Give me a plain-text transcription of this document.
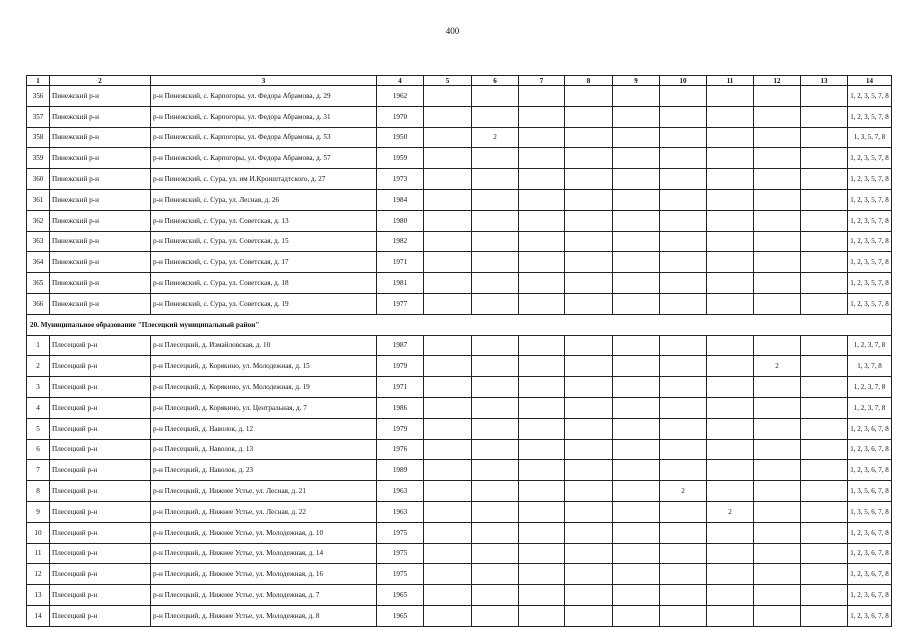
400
1	2	3	4	5	6	7	8	9	10	11	12	13	14
356	Пинежский р-н	р-н Пинежский, с. Карпогоры, ул. Федора Абрамова, д. 29	1962										1, 2, 3, 5, 7, 8
357	Пинежский р-н	р-н Пинежский, с. Карпогоры, ул. Федора Абрамова, д. 31	1970										1, 2, 3, 5, 7, 8
358	Пинежский р-н	р-н Пинежский, с. Карпогоры, ул. Федора Абрамова, д. 53	1950		2								1, 3, 5, 7, 8
359	Пинежский р-н	р-н Пинежский, с. Карпогоры, ул. Федора Абрамова, д. 57	1959										1, 2, 3, 5, 7, 8
360	Пинежский р-н	р-н Пинежский, с. Сура, ул. им И.Кронштадтского, д. 27	1973										1, 2, 3, 5, 7, 8
361	Пинежский р-н	р-н Пинежский, с. Сура, ул. Лесная, д. 26	1984										1, 2, 3, 5, 7, 8
362	Пинежский р-н	р-н Пинежский, с. Сура, ул. Советская, д. 13	1980										1, 2, 3, 5, 7, 8
363	Пинежский р-н	р-н Пинежский, с. Сура, ул. Советская, д. 15	1982										1, 2, 3, 5, 7, 8
364	Пинежский р-н	р-н Пинежский, с. Сура, ул. Советская, д. 17	1971										1, 2, 3, 5, 7, 8
365	Пинежский р-н	р-н Пинежский, с. Сура, ул. Советская, д. 18	1981										1, 2, 3, 5, 7, 8
366	Пинежский р-н	р-н Пинежский, с. Сура, ул. Советская, д. 19	1977										1, 2, 3, 5, 7, 8
20. Муниципальное образование "Плесецкий муниципальный район"													
1	Плесецкий р-н	р-н Плесецкий, д. Измайловская, д. 10	1987										1, 2, 3, 7, 8
2	Плесецкий р-н	р-н Плесецкий, д. Корякино, ул. Молодежная, д. 15	1979								2		1, 3, 7, 8
3	Плесецкий р-н	р-н Плесецкий, д. Корякино, ул. Молодежная, д. 19	1971										1, 2, 3, 7, 8
4	Плесецкий р-н	р-н Плесецкий, д. Корякино, ул. Центральная, д. 7	1986										1, 2, 3, 7, 8
5	Плесецкий р-н	р-н Плесецкий, д. Наволок, д. 12	1979										1, 2, 3, 6, 7, 8
6	Плесецкий р-н	р-н Плесецкий, д. Наволок, д. 13	1976										1, 2, 3, 6, 7, 8
7	Плесецкий р-н	р-н Плесецкий, д. Наволок, д. 23	1989										1, 2, 3, 6, 7, 8
8	Плесецкий р-н	р-н Плесецкий, д. Нижнее Устье, ул. Лесная, д. 21	1963						2				1, 3, 5, 6, 7, 8
9	Плесецкий р-н	р-н Плесецкий, д. Нижнее Устье, ул. Лесная, д. 22	1963							2			1, 3, 5, 6, 7, 8
10	Плесецкий р-н	р-н Плесецкий, д. Нижнее Устье, ул. Молодежная, д. 10	1975										1, 2, 3, 6, 7, 8
11	Плесецкий р-н	р-н Плесецкий, д. Нижнее Устье, ул. Молодежная, д. 14	1975										1, 2, 3, 6, 7, 8
12	Плесецкий р-н	р-н Плесецкий, д. Нижнее Устье, ул. Молодежная, д. 16	1975										1, 2, 3, 6, 7, 8
13	Плесецкий р-н	р-н Плесецкий, д. Нижнее Устье, ул. Молодежная, д. 7	1965										1, 2, 3, 6, 7, 8
14	Плесецкий р-н	р-н Плесецкий, д. Нижнее Устье, ул. Молодежная, д. 8	1965										1, 2, 3, 6, 7, 8
